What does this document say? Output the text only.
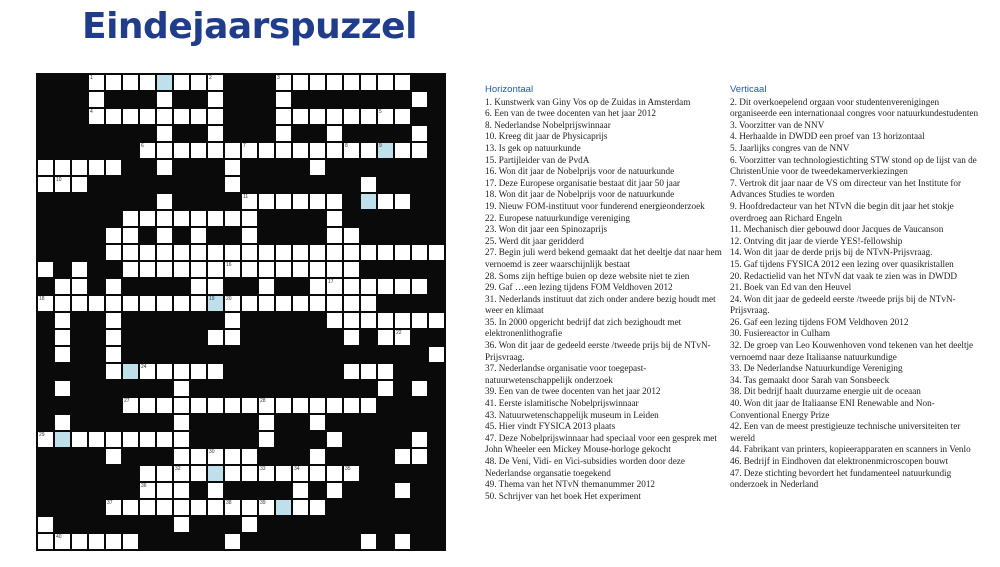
Eindejaarspuzzel
1	2	3
4	5
6	7	8	9
10
11
16
17
18	19 20
22
24
27	28
29
30
32	33	34	35
36
37	38	39
40
Horizontaal

1. Kunstwerk van Giny Vos op de Zuidas in Amsterdam

6. Een van de twee docenten van het jaar 2012

8. Nederlandse Nobelprijswinnaar

10. Kreeg dit jaar de Physicaprijs

13. Is gek op natuurkunde

15. Partijleider van de PvdA

16. Won dit jaar de Nobelprijs voor de natuurkunde

17. Deze Europese organisatie bestaat dit jaar 50 jaar

18. Won dit jaar de Nobelprijs voor de natuurkunde

19. Nieuw FOM-instituut voor funderend energieonderzoek

22. Europese natuurkundige vereniging

23. Won dit jaar een Spinozaprijs

25. Werd dit jaar geridderd

27. Begin juli werd bekend gemaakt dat het deeltje dat naar hem vernoemd is zeer waarschijnlijk bestaat

28. Soms zijn heftige buien op deze website niet te zien

29. Gaf …een lezing tijdens FOM Veldhoven 2012

31. Nederlands instituut dat zich onder andere bezig houdt met weer en klimaat

35. In 2000 opgericht bedrijf dat zich bezighoudt met elektronenlithografie

36. Won dit jaar de gedeeld eerste /tweede prijs bij de NTvN-Prijsvraag.

37. Nederlandse organisatie voor toegepast-natuurwetenschappelijk onderzoek

39. Een van de twee docenten van het jaar 2012

41. Eerste islamitische Nobelprijswinnaar

43. Natuurwetenschappelijk museum in Leiden

45. Hier vindt FYSICA 2013 plaats

47. Deze Nobelprijswinnaar had speciaal voor een gesprek met John Wheeler een Mickey Mouse-horloge gekocht

48. De Veni, Vidi- en Vici-subsidies worden door deze Nederlandse organsatie toegekend

49. Thema van het NTvN themanummer 2012

50. Schrijver van het boek Het experiment

Verticaal

2. Dit overkoepelend orgaan voor studentenverenigingen organiseerde een internationaal congres voor natuurkundestudenten

3. Voorzitter van de NNV

4. Herhaalde in DWDD een proef van 13 horizontaal

5. Jaarlijks congres van de NNV

6. Voorzitter van technologiestichting STW stond op de lijst van de ChristenUnie voor de tweedekamerverkiezingen

7. Vertrok dit jaar naar de VS om directeur van het Institute for Advances Studies te worden

9. Hoofdredacteur van het NTvN die begin dit jaar het stokje overdroeg aan Richard Engeln

11. Mechanisch dier gebouwd door Jacques de Vaucanson

12. Ontving dit jaar de vierde YES!-fellowship

14. Won dit jaar de derde prijs bij de NTvN-Prijsvraag.

15. Gaf tijdens FYSICA 2012 een lezing over quasikristallen

20. Redactielid van het NTvN dat vaak te zien was in DWDD

21. Boek van Ed van den Heuvel

24. Won dit jaar de gedeeld eerste /tweede prijs bij de NTvN-Prijsvraag.

26. Gaf een lezing tijdens FOM Veldhoven 2012

30. Fusiereactor in Culham

32. De groep van Leo Kouwenhoven vond tekenen van het deeltje vernoemd naar deze Italiaanse natuurkundige

33. De Nederlandse Natuurkundige Vereniging

34. Tas gemaakt door Sarah van Sonsbeeck

38. Dit bedrijf haalt duurzame energie uit de oceaan

40. Won dit jaar de Italiaanse ENI Renewable and Non-Conventional Energy Prize

42. Een van de meest prestigieuze technische universiteiten ter wereld

44. Fabrikant van printers, kopieerapparaten en scanners in Venlo

46. Bedrijf in Eindhoven dat elektronenmicroscopen bouwt

47. Deze stichting bevordert het fundamenteel natuurkundig onderzoek in Nederland
